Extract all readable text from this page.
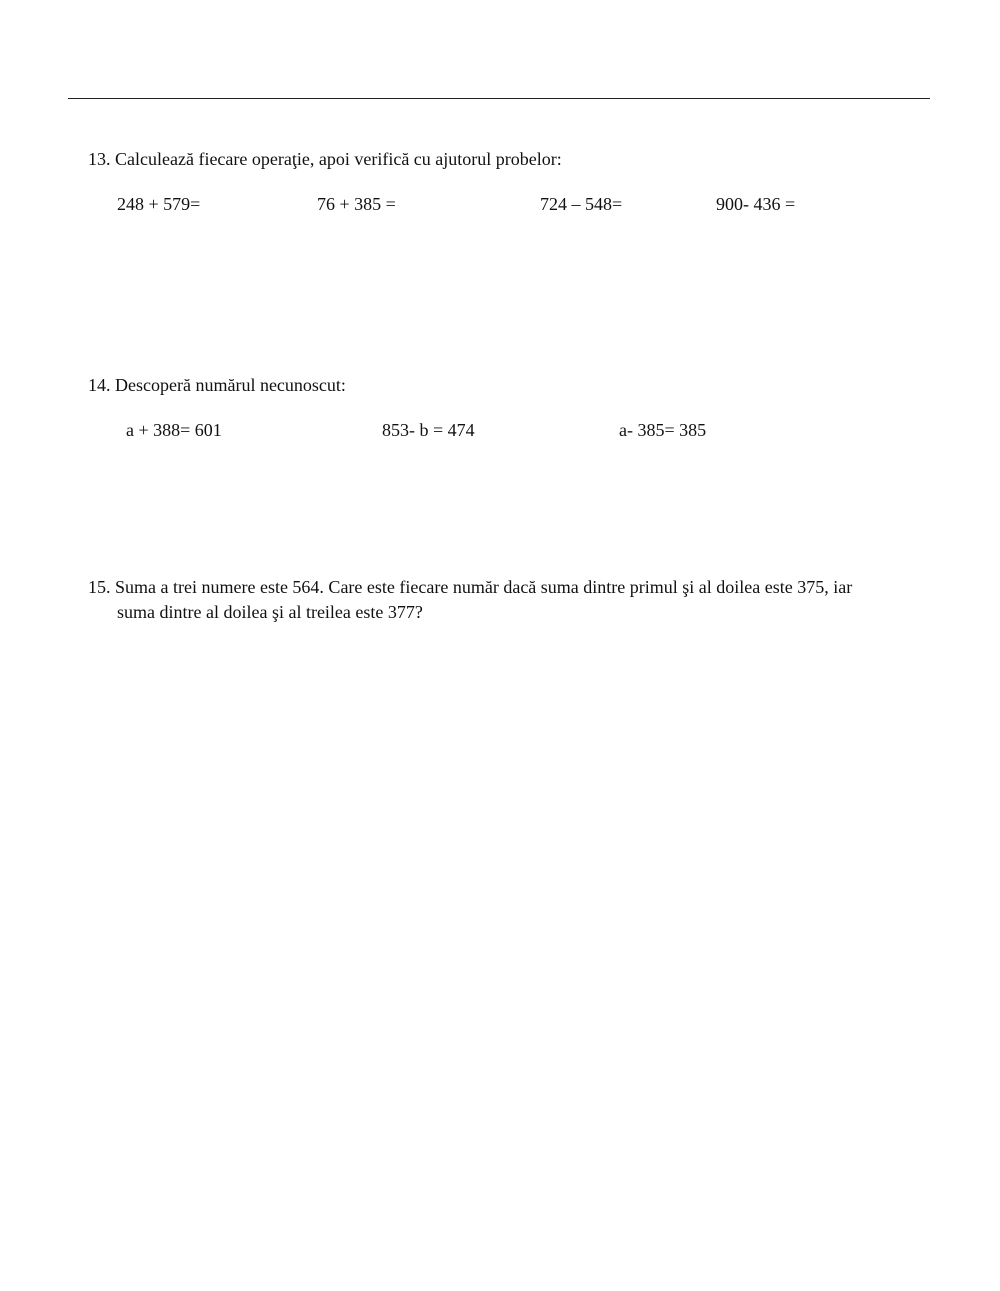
13. Calculează fiecare operaţie, apoi verifică cu ajutorul probelor:
248 + 579=	76 + 385 =	724 – 548=	900- 436 =
14. Descoperă numărul necunoscut:
a + 388= 601	853- b = 474	a- 385= 385
15. Suma a trei numere este 564. Care este fiecare număr dacă suma dintre primul şi al doilea este 375, iar
suma dintre al doilea şi al treilea este 377?
